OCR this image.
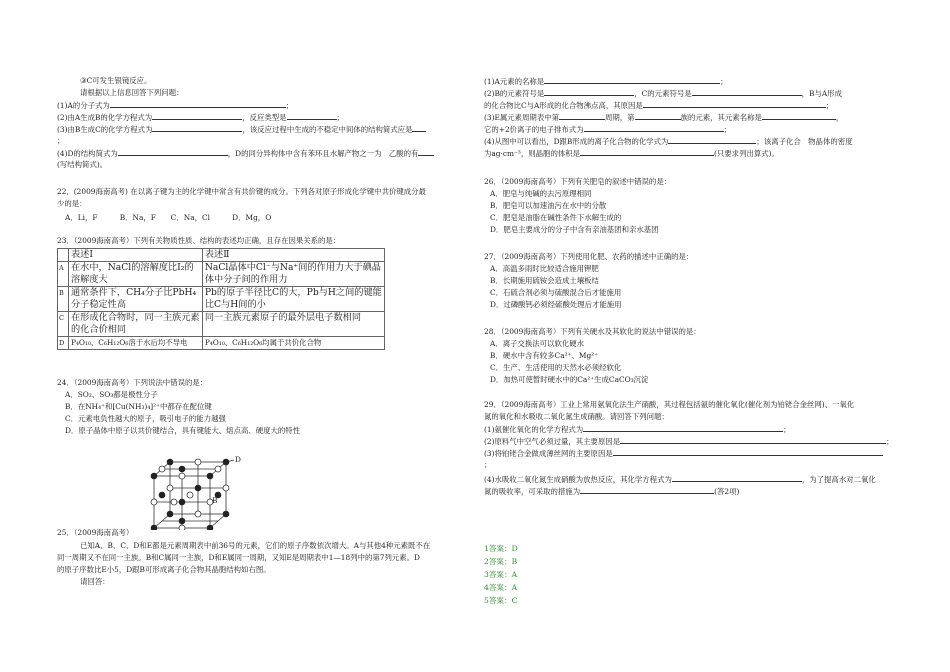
③C可发生银镜反应。
请根据以上信息回答下列问题：
(1)A的分子式为	；
(2)由A生成B的化学方程式为	，反应类型是	；
(3)由B生成C的化学方程式为	，该反应过程中生成的不稳定中间体的结构简式应是
；
(4)D的结构简式为	，D的同分异构体中含有苯环且水解产物之一为　乙酸的有
(写结构简式)。
22．(2009海南高考) 在以离子键为主的化学键中常含有共价键的成分。下列各对原子形成化学键中共价键成分最
少的是：
A．Li，F　　　B．Na，F　　C．Na，Cl　　　D．Mg，O
23．（2009海南高考）下列有关物质性质、结构的表述均正确，且存在因果关系的是：
	表述Ⅰ	表述Ⅱ
A	在水中，NaCl的溶解度比I₂的溶解度大	NaCl晶体中Cl⁻与Na⁺间的作用力大于碘晶体中分子间的作用力
B	通常条件下，CH₄分子比PbH₄分子稳定性高	Pb的原子半径比C的大，Pb与H之间的键能比C与H间的小
C	在形成化合物时，同一主族元素的化合价相同	同一主族元素原子的最外层电子数相同
D	P₄O₁₀、C₆H₁₂O₆溶于水后均不导电	P₄O₁₀、C₆H₁₂O₆均属于共价化合物
24．（2009海南高考）下列说法中错误的是：
A．SO₂、SO₃都是极性分子
B．在NH₄⁺和[Cu(NH₃)₄]²⁺中都存在配位键
C．元素电负性越大的原子，吸引电子的能力越强
D．原子晶体中原子以共价键结合，具有键能大、熔点高、硬度大的特性
D
B
25．（2009海南高考）
已知A、B、C、D和E都是元素周期表中前36号的元素，它们的原子序数依次增大。A与其他4种元素既不在
同一周期又不在同一主族。B和C属同一主族，D和E属同一周期，又知E是周期表中1—18列中的第7列元素。D
的原子序数比E小5，D跟B可形成离子化合物其晶胞结构如右图。
请回答：
(1)A元素的名称是	；
(2)B的元素符号是	，C的元素符号是	，B与A形成
的化合物比C与A形成的化合物沸点高，其原因是	；
(3)E属元素周期表中第	周期，第	族的元素，其元素名称是	，
它的+2价离子的电子排布式为	；
(4)从图中可以看出，D跟B形成的离子化合物的化学式为	；该离子化合　物晶体的密度
为ag·cm⁻³，则晶胞的体积是	(只要求列出算式)。
26．（2009海南高考）下列有关肥皂的叙述中错误的是：
A．肥皂与纯碱的去污原理相同
B．肥皂可以加速油污在水中的分散
C．肥皂是油脂在碱性条件下水解生成的
D．肥皂主要成分的分子中含有亲油基团和亲水基团
27．（2009海南高考）下列使用化肥、农药的描述中正确的是：
A．高温多雨时比较适合施用钾肥
B．长期施用硫铵会造成土壤板结
C．石硫合剂必须与硫酸混合后才能施用
D．过磷酸钙必须经硫酸处理后才能施用
28．（2009海南高考）下列有关硬水及其软化的说法中错误的是：
A．离子交换法可以软化硬水
B．硬水中含有较多Ca²⁺、Mg²⁺
C．生产、生活使用的天然水必须经软化
D．加热可使暂时硬水中的Ca²⁺生成CaCO₃沉淀
29．（2009海南高考）工业上常用氨氧化法生产硝酸，其过程包括氨的催化氧化(催化剂为铂铑合金丝网)、一氧化
氮的氧化和水吸收二氧化氮生成硝酸。请回答下列问题：
(1)氨催化氧化的化学方程式为	；
(2)原料气中空气必须过量，其主要原因是	；
(3)将铂铑合金做成薄丝网的主要原因是
；
(4)水吸收二氧化氮生成硝酸为放热反应，其化学方程式为	，为了提高水对二氧化
氮的吸收率，可采取的措施为	(答2项)
1答案：D
2答案：B
3答案：A
4答案：A
5答案：C
